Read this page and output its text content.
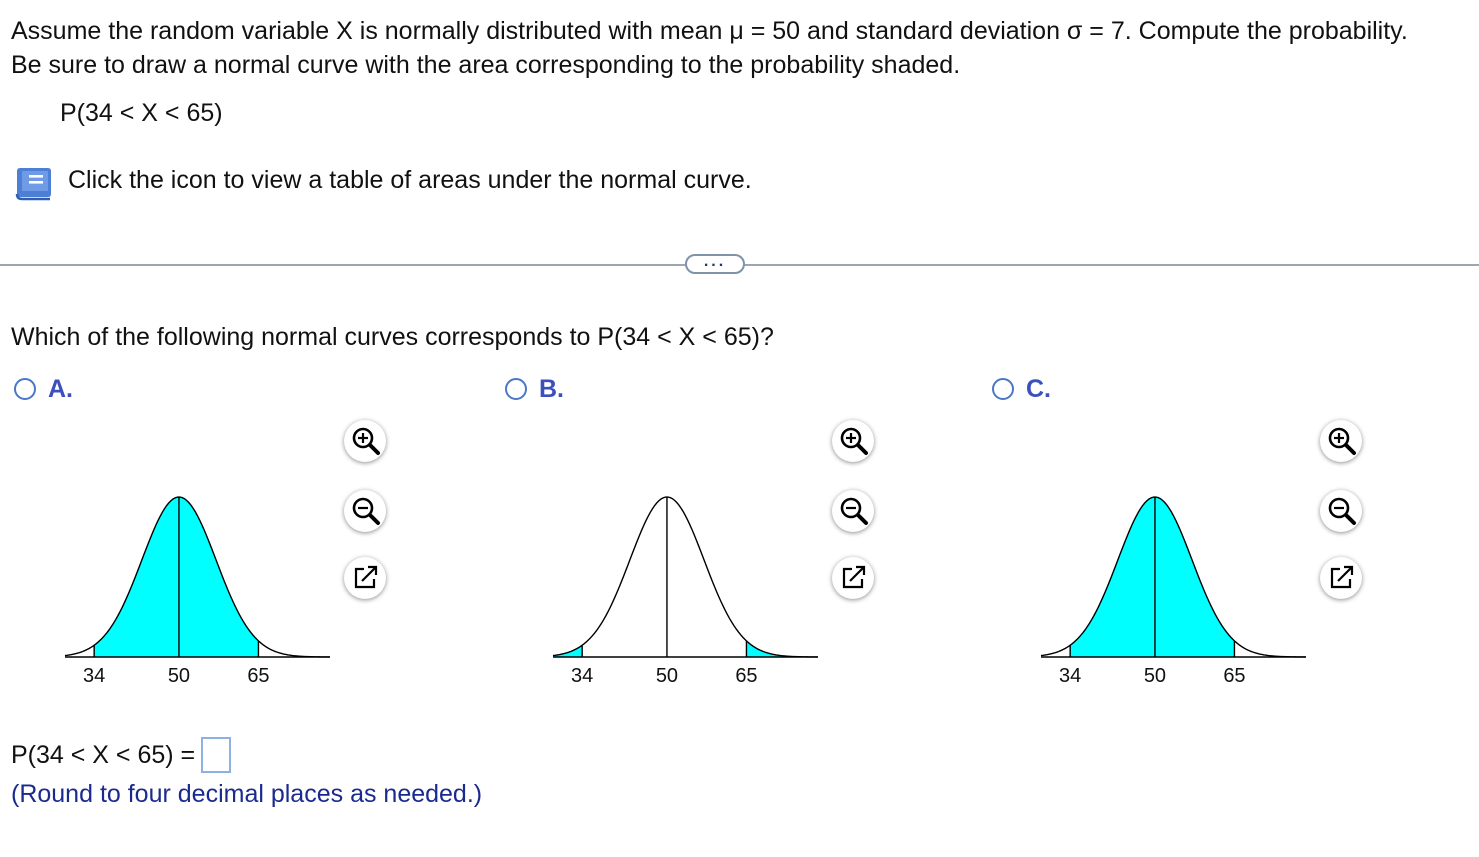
Assume the random variable X is normally distributed with mean μ = 50 and standard deviation σ = 7. Compute the probability.
Be sure to draw a normal curve with the area corresponding to the probability shaded.
P(34 < X < 65)
Click the icon to view a table of areas under the normal curve.
...
Which of the following normal curves corresponds to P(34 < X < 65)?
A.	B.	C.
34	50	65	34	50	65	34	50	65
P(34 < X < 65) =
(Round to four decimal places as needed.)
